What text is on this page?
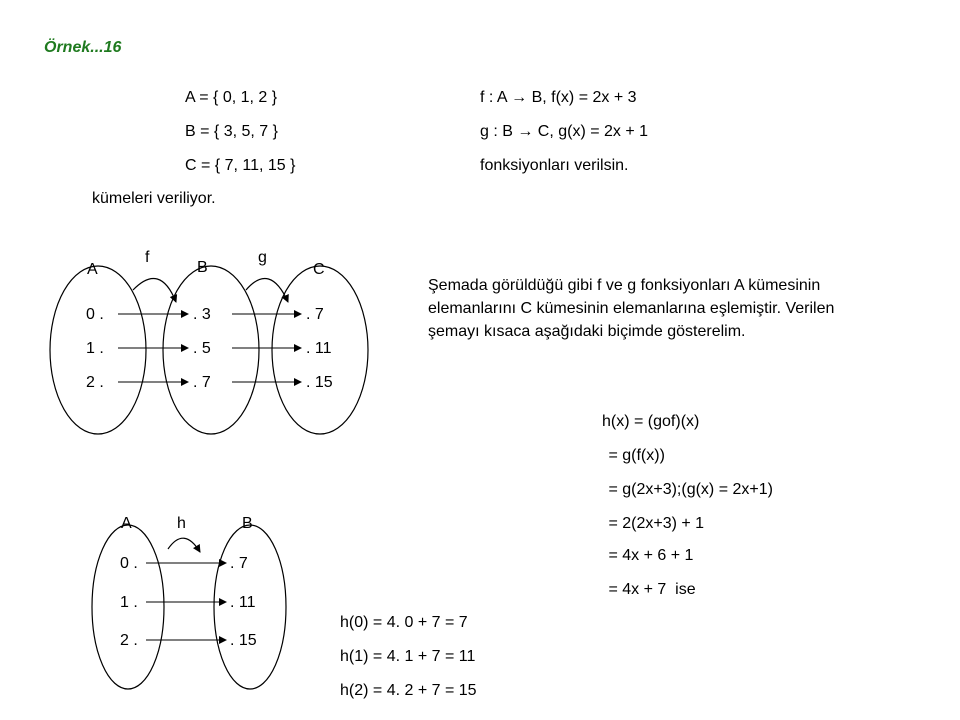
Örnek...16
A = { 0, 1, 2 }
B = { 3, 5, 7 }
C = { 7, 11, 15 }
kümeleri veriliyor.
f : A → B, f(x) = 2x + 3
g : B → C, g(x) = 2x + 1
fonksiyonları verilsin.
Şemada görüldüğü gibi f ve g fonksiyonları A kümesinin
elemanlarını C kümesinin elemanlarına eşlemiştir. Verilen
şemayı kısaca aşağıdaki biçimde gösterelim.
h(x) = (gof)(x)
= g(f(x))
= g(2x+3);(g(x) = 2x+1)
= 2(2x+3) + 1
= 4x + 6 + 1
= 4x + 7  ise
h(0) = 4. 0 + 7 = 7
h(1) = 4. 1 + 7 = 11
h(2) = 4. 2 + 7 = 15
A	B	C
f	g
0 .
1 .
2 .
. 3
. 5
. 7
. 7
. 11
. 15
A	h	B
0 .
1 .
2 .
. 7
. 11
. 15
